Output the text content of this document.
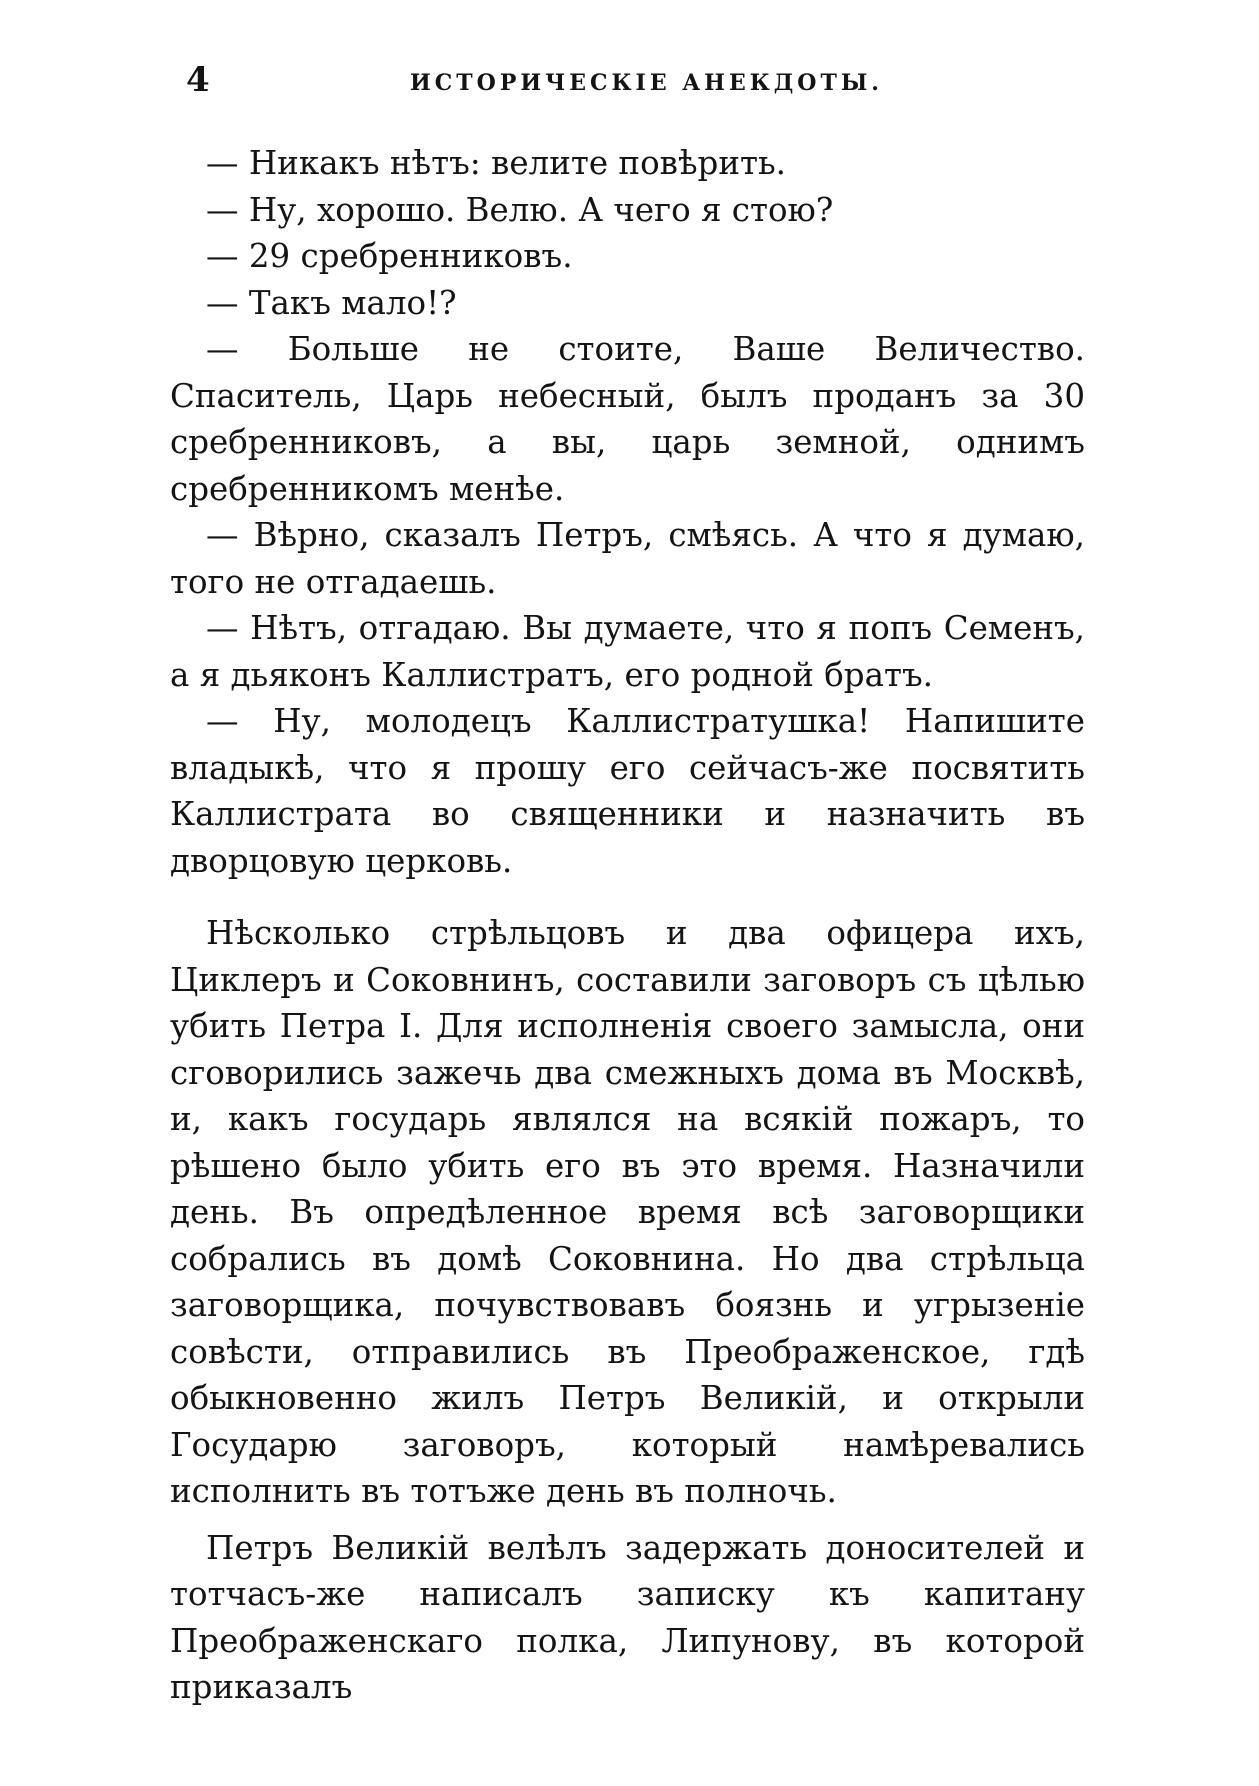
4	ИСТОРИЧЕСКІЕ АНЕКДОТЫ.

— Никакъ нѣтъ: велите повѣрить.

— Ну, хорошо. Велю. А чего я стою?

— 29 сребренниковъ.

— Такъ мало!?

— Больше не стоите, Ваше Величество. Спаситель, Царь небесный, былъ проданъ за 30 сребренниковъ, а вы, царь земной, однимъ сребренникомъ менѣе.

— Вѣрно, сказалъ Петръ, смѣясь. А что я думаю, того не отгадаешь.

— Нѣтъ, отгадаю. Вы думаете, что я попъ Семенъ, а я дьяконъ Каллистратъ, его родной братъ.

— Ну, молодецъ Каллистратушка! Напишите владыкѣ, что я прошу его сейчасъ-же посвятить Каллистрата во священники и назначить въ дворцовую церковь.

Нѣсколько стрѣльцовъ и два офицера ихъ, Циклеръ и Соковнинъ, составили заговоръ съ цѣлью убить Петра I. Для исполненія своего замысла, они сговорились зажечь два смежныхъ дома въ Москвѣ, и, какъ государь являлся на всякій пожаръ, то рѣшено было убить его въ это время. Назначили день. Въ опредѣленное время всѣ заговорщики собрались въ домѣ Соковнина. Но два стрѣльца заговорщика, почувствовавъ боязнь и угрызеніе совѣсти, отправились въ Преображенское, гдѣ обыкновенно жилъ Петръ Великій, и открыли Государю заговоръ, который намѣревались исполнить въ тотъже день въ полночь.

Петръ Великій велѣлъ задержать доносителей и тотчасъ-же написалъ записку къ капитану Преображенскаго полка, Липунову, въ которой приказалъ
